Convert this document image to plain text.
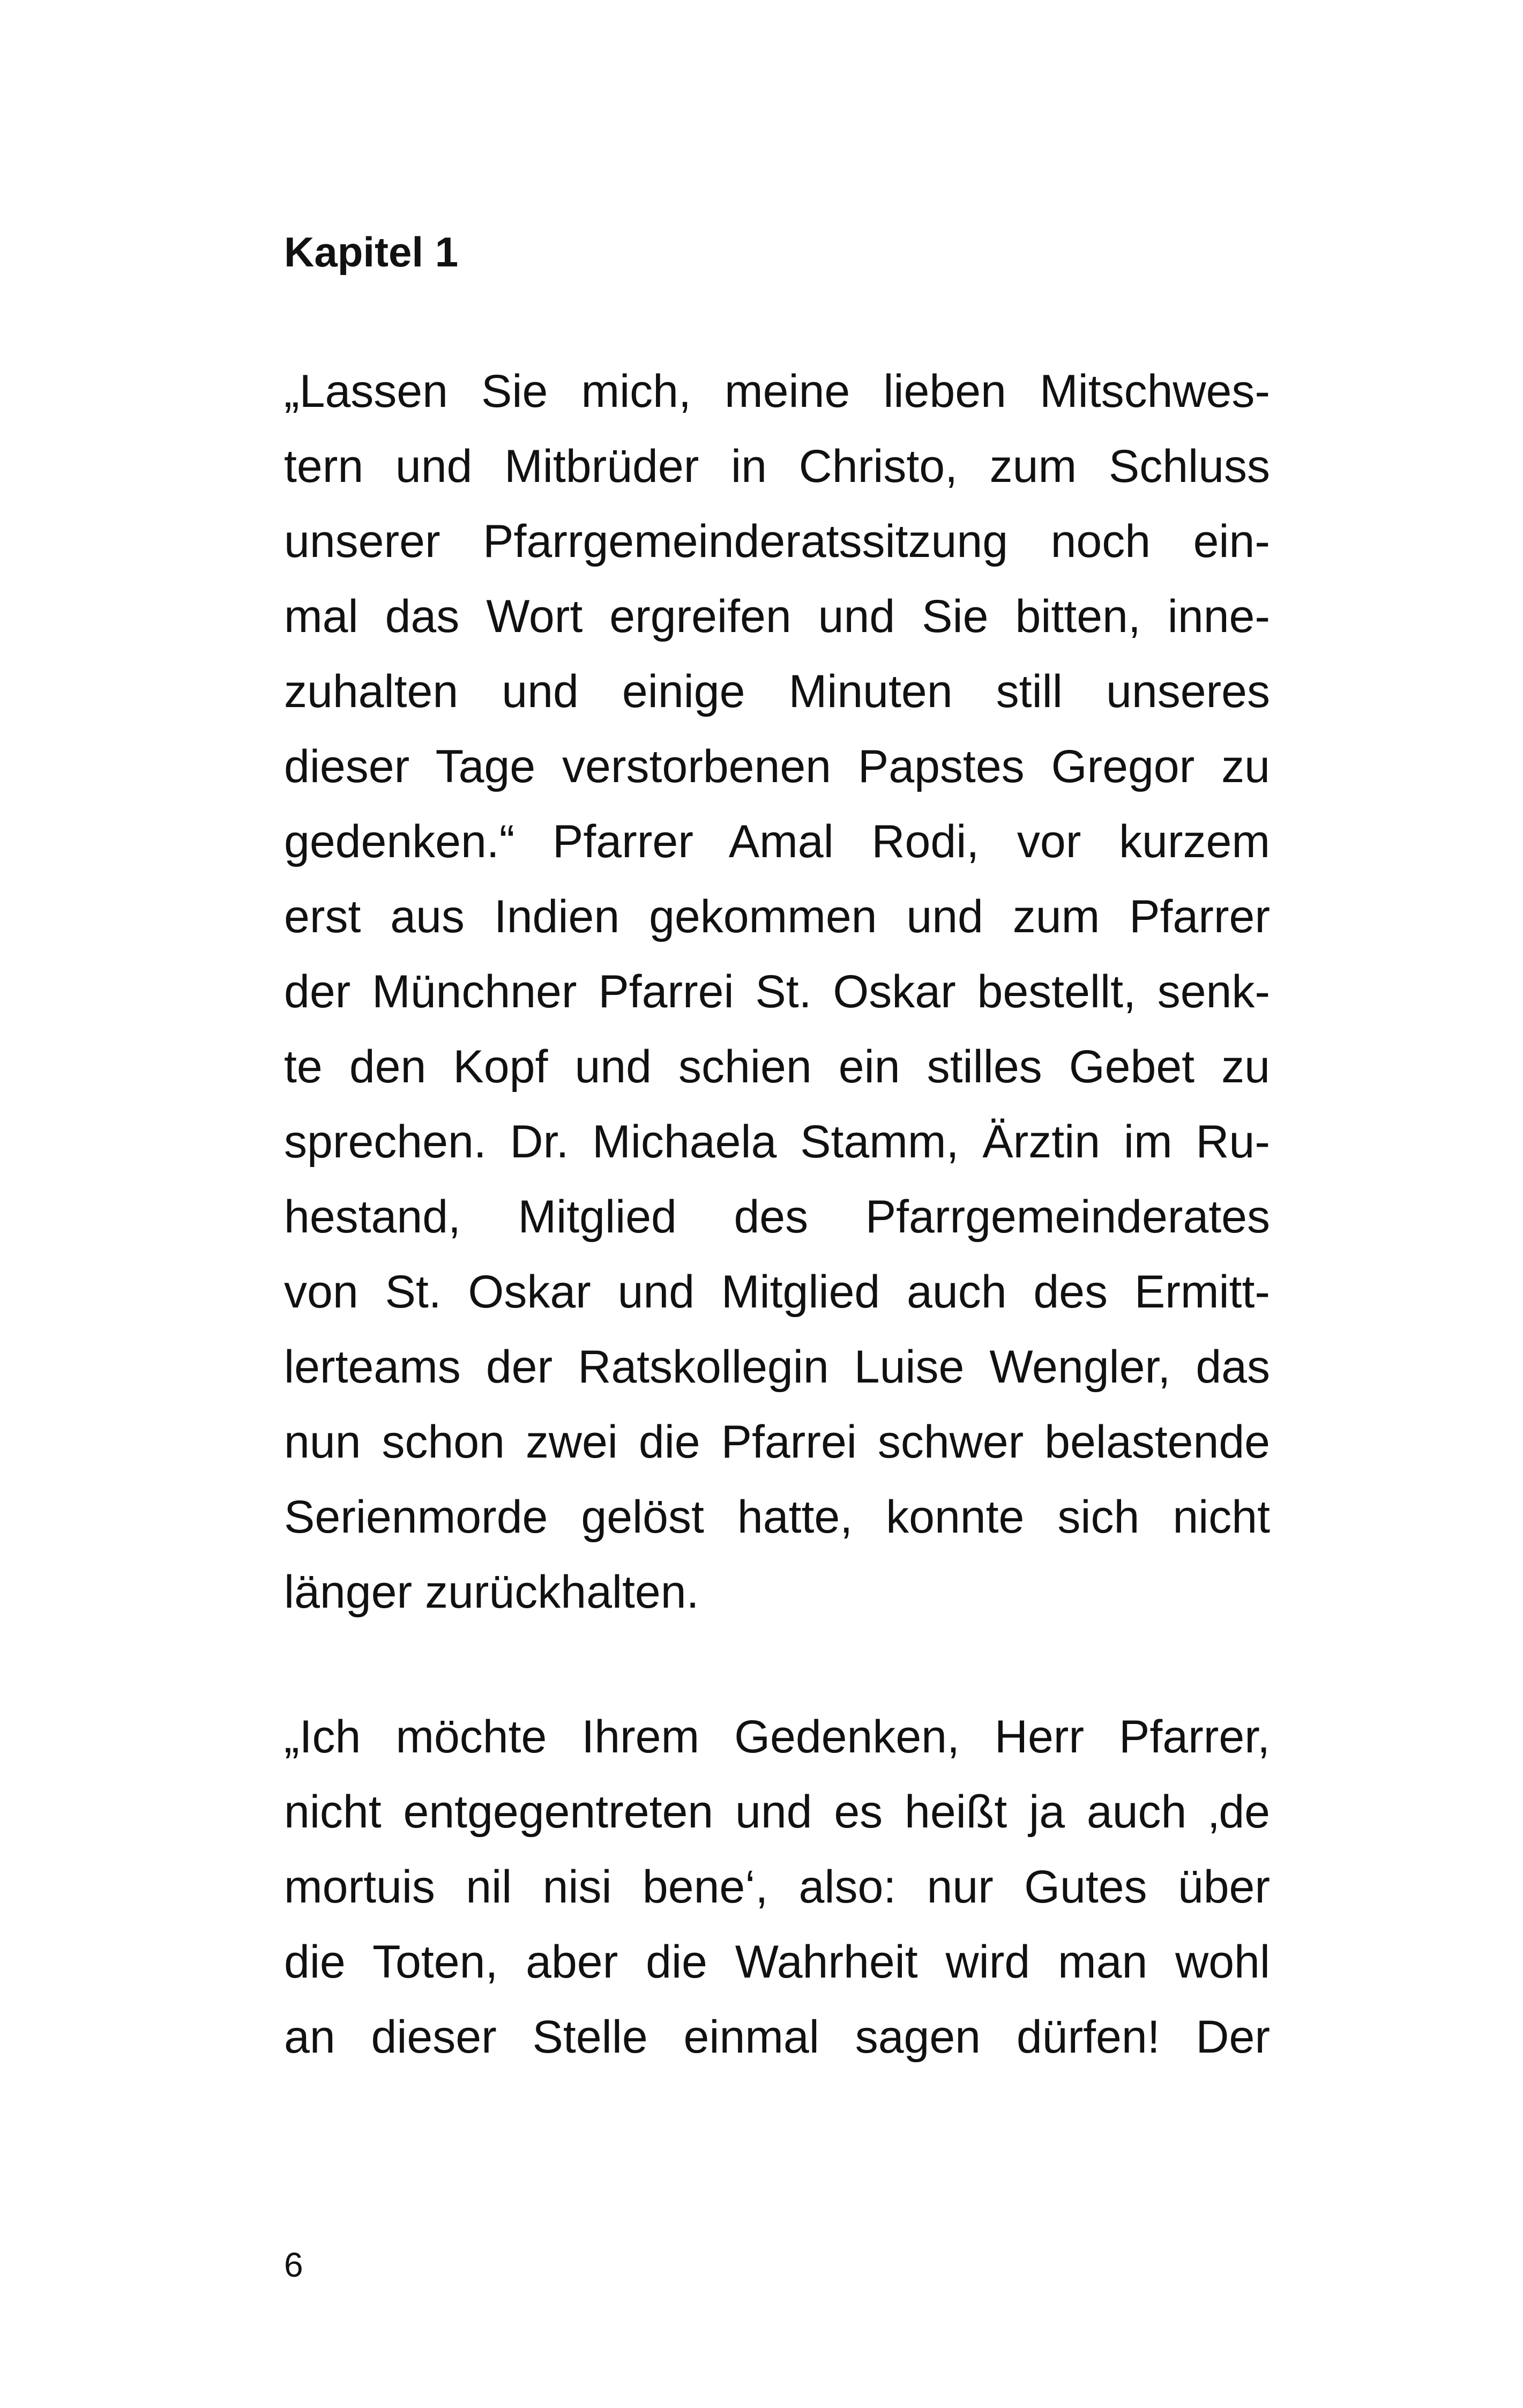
Kapitel 1
„Lassen Sie mich, meine lieben Mitschwes-
tern und Mitbrüder in Christo, zum Schluss
unserer Pfarrgemeinderatssitzung noch ein-
mal das Wort ergreifen und Sie bitten, inne-
zuhalten und einige Minuten still unseres
dieser Tage verstorbenen Papstes Gregor zu
gedenken.“ Pfarrer Amal Rodi, vor kurzem
erst aus Indien gekommen und zum Pfarrer
der Münchner Pfarrei St. Oskar bestellt, senk-
te den Kopf und schien ein stilles Gebet zu
sprechen. Dr. Michaela Stamm, Ärztin im Ru-
hestand, Mitglied des Pfarrgemeinderates
von St. Oskar und Mitglied auch des Ermitt-
lerteams der Ratskollegin Luise Wengler, das
nun schon zwei die Pfarrei schwer belastende
Serienmorde gelöst hatte, konnte sich nicht
länger zurückhalten.
„Ich möchte Ihrem Gedenken, Herr Pfarrer,
nicht entgegentreten und es heißt ja auch ‚de
mortuis nil nisi bene‘, also: nur Gutes über
die Toten, aber die Wahrheit wird man wohl
an dieser Stelle einmal sagen dürfen! Der
6
